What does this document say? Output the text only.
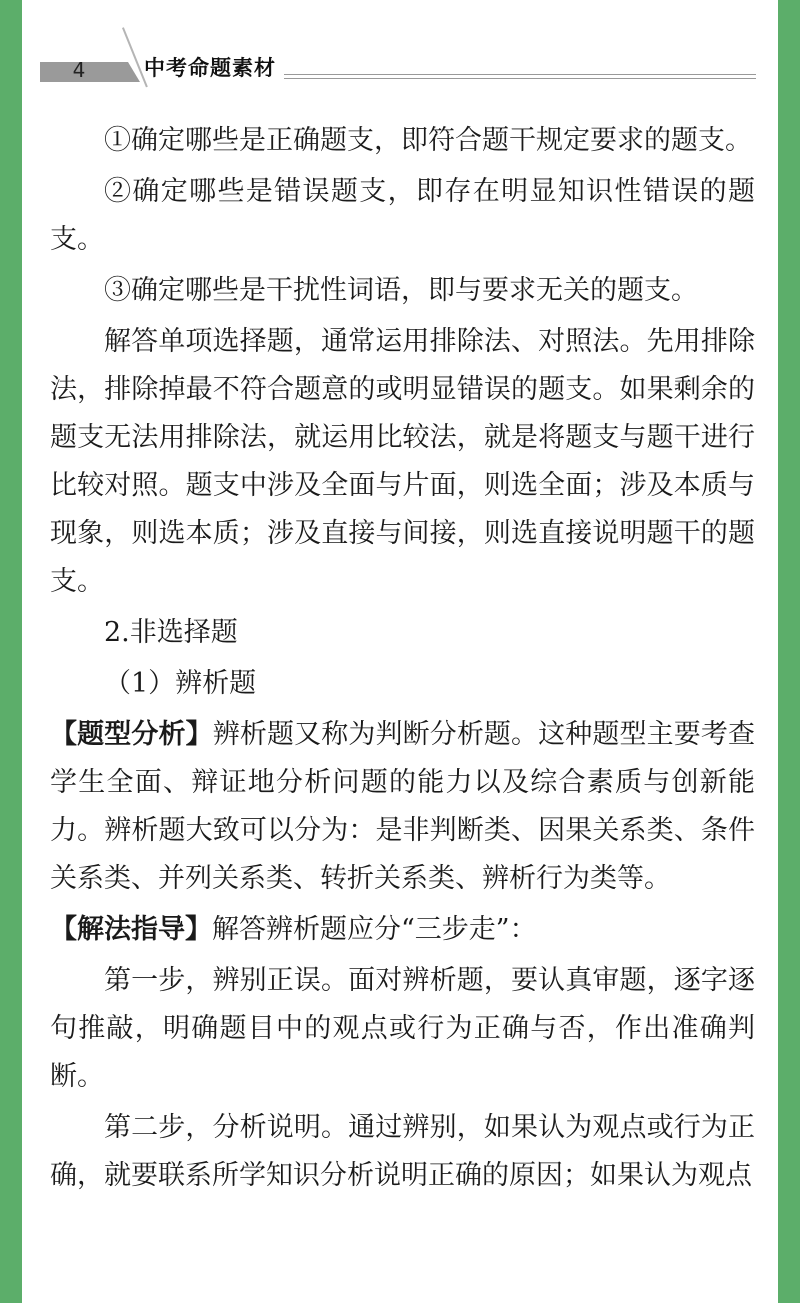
4	中考命题素材

①确定哪些是正确题支，即符合题干规定要求的题支。

②确定哪些是错误题支，即存在明显知识性错误的题支。

③确定哪些是干扰性词语，即与要求无关的题支。

解答单项选择题，通常运用排除法、对照法。先用排除法，排除掉最不符合题意的或明显错误的题支。如果剩余的题支无法用排除法，就运用比较法，就是将题支与题干进行比较对照。题支中涉及全面与片面，则选全面；涉及本质与现象，则选本质；涉及直接与间接，则选直接说明题干的题支。

2.非选择题

（1）辨析题

【题型分析】辨析题又称为判断分析题。这种题型主要考查学生全面、辩证地分析问题的能力以及综合素质与创新能力。辨析题大致可以分为：是非判断类、因果关系类、条件关系类、并列关系类、转折关系类、辨析行为类等。

【解法指导】解答辨析题应分“三步走”：

第一步，辨别正误。面对辨析题，要认真审题，逐字逐句推敲，明确题目中的观点或行为正确与否，作出准确判断。

第二步，分析说明。通过辨别，如果认为观点或行为正确，就要联系所学知识分析说明正确的原因；如果认为观点
